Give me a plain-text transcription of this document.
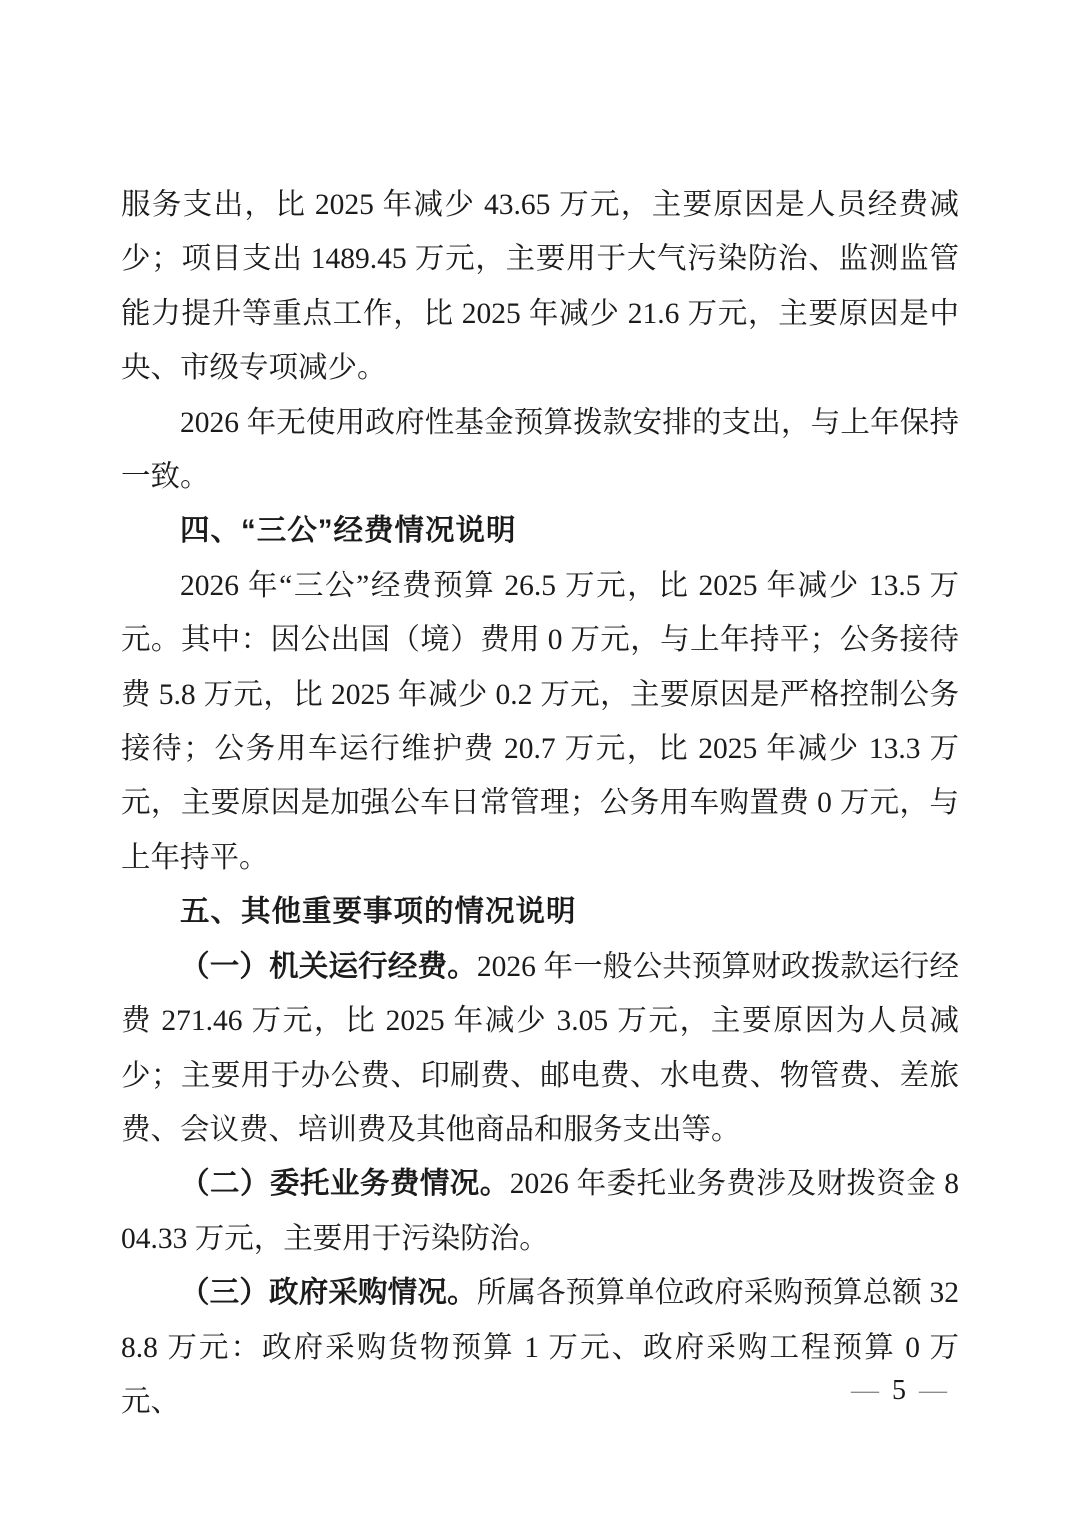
服务支出，比 2025 年减少 43.65 万元，主要原因是人员经费减少；项目支出 1489.45 万元，主要用于大气污染防治、监测监管能力提升等重点工作，比 2025 年减少 21.6 万元，主要原因是中央、市级专项减少。

2026 年无使用政府性基金预算拨款安排的支出，与上年保持一致。

四、“三公”经费情况说明

2026 年“三公”经费预算 26.5 万元，比 2025 年减少 13.5 万元。其中：因公出国（境）费用 0 万元，与上年持平；公务接待费 5.8 万元，比 2025 年减少 0.2 万元，主要原因是严格控制公务接待；公务用车运行维护费 20.7 万元，比 2025 年减少 13.3 万元，主要原因是加强公车日常管理；公务用车购置费 0 万元，与上年持平。

五、其他重要事项的情况说明

（一）机关运行经费。2026 年一般公共预算财政拨款运行经费 271.46 万元，比 2025 年减少 3.05 万元，主要原因为人员减少；主要用于办公费、印刷费、邮电费、水电费、物管费、差旅费、会议费、培训费及其他商品和服务支出等。

（二）委托业务费情况。2026 年委托业务费涉及财拨资金 804.33 万元，主要用于污染防治。

（三）政府采购情况。所属各预算单位政府采购预算总额 328.8 万元：政府采购货物预算 1 万元、政府采购工程预算 0 万元、	— 5 —
